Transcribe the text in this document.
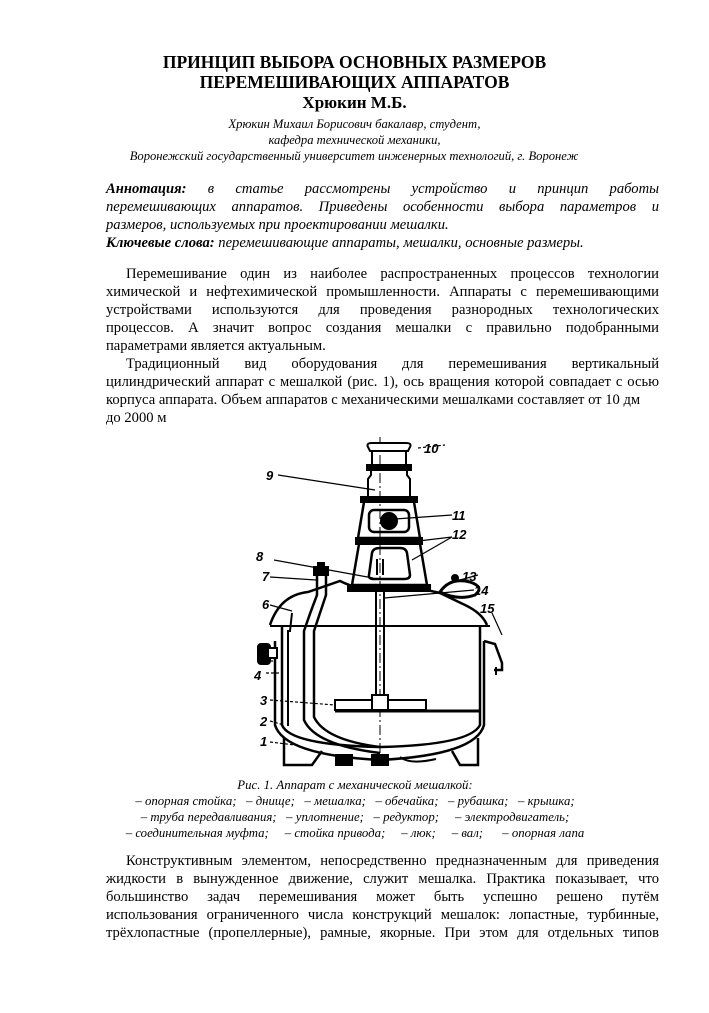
ПРИНЦИП ВЫБОРА ОСНОВНЫХ РАЗМЕРОВ
ПЕРЕМЕШИВАЮЩИХ АППАРАТОВ
Хрюкин М.Б.
Хрюкин Михаил Борисович бакалавр, студент,
кафедра технической механики,
Воронежский государственный университет инженерных технологий, г. Воронеж
Аннотация: в статье рассмотрены устройство и принцип работы
перемешивающих аппаратов. Приведены особенности выбора параметров и
размеров, используемых при проектировании мешалки.
Ключевые слова: перемешивающие аппараты, мешалки, основные размеры.
Перемешивание один из наиболее распространенных процессов технологии
химической и нефтехимической промышленности. Аппараты с перемешивающими
устройствами используются для проведения разнородных технологических
процессов. А значит вопрос создания мешалки с правильно подобранными
параметрами является актуальным.
Традиционный вид оборудования для перемешивания вертикальный
цилиндрический аппарат с мешалкой (рис. 1), ось вращения которой совпадает с осью
корпуса аппарата. Объем аппаратов с механическими мешалками составляет от 10 дм
до 2000 м
10
9
11
12
8
7
6
13
14
15
5
4
3
2
1
Рис. 1. Аппарат с механической мешалкой:
– опорная стойка;   – днище;   – мешалка;   – обечайка;   – рубашка;   – крышка;
– труба передавливания;   – уплотнение;   – редуктор;     – электродвигатель;
– соединительная муфта;     – стойка привода;     – люк;     – вал;      – опорная лапа
Конструктивным элементом, непосредственно предназначенным для приведения
жидкости в вынужденное движение, служит мешалка. Практика показывает, что
большинство задач перемешивания может быть успешно решено путём
использования ограниченного числа конструкций мешалок: лопастные, турбинные,
трёхлопастные (пропеллерные), рамные, якорные. При этом для отдельных типов
